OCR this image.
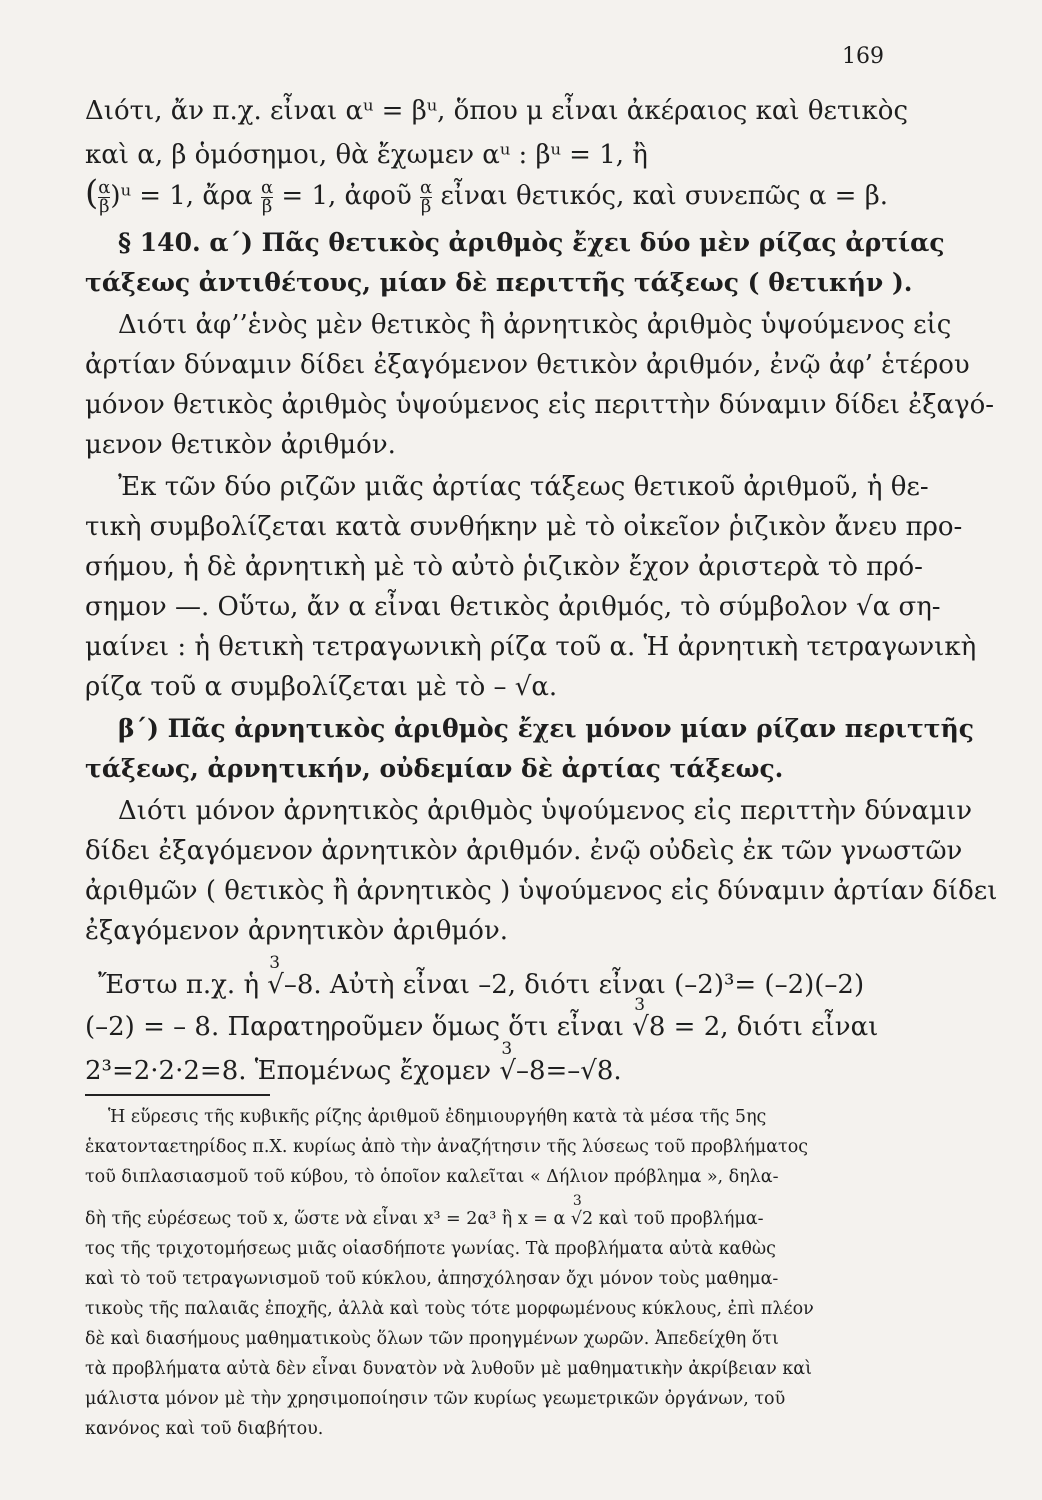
169
Διότι, ἄν π.χ. εἶναι αᵘ = βᵘ, ὅπου μ εἶναι ἀκέραιος καὶ θετικὸς
καὶ α, β ὁμόσημοι, θὰ ἔχωμεν αᵘ : βᵘ = 1, ἢ
( $\frac{\alpha}{\beta}$ )ᵘ = 1, ἄρα $\frac{\alpha}{\beta} = 1$, ἀφοῦ $\frac{\alpha}{\beta}$ εἶναι θετικός, καὶ συνεπῶς α = β.
§ 140. α΄) Πᾶς θετικὸς ἀριθμὸς ἔχει δύο μὲν ρίζας ἀρτίας
τάξεως ἀντιθέτους, μίαν δὲ περιττῆς τάξεως ( θετικήν ).
Διότι ἀφ’’ἑνὸς μὲν θετικὸς ἢ ἀρνητικὸς ἀριθμὸς ὑψούμενος εἰς
ἀρτίαν δύναμιν δίδει ἐξαγόμενον θετικὸν ἀριθμόν, ἐνῷ ἀφ’ ἑτέρου
μόνον θετικὸς ἀριθμὸς ὑψούμενος εἰς περιττὴν δύναμιν δίδει ἐξαγό-
μενον θετικὸν ἀριθμόν.
Ἐκ τῶν δύο ριζῶν μιᾶς ἀρτίας τάξεως θετικοῦ ἀριθμοῦ, ἡ θε-
τικὴ συμβολίζεται κατὰ συνθήκην μὲ τὸ οἰκεῖον ῥιζικὸν ἄνευ προ-
σήμου, ἡ δὲ ἀρνητικὴ μὲ τὸ αὐτὸ ῥιζικὸν ἔχον ἀριστερὰ τὸ πρό-
σημον —. Οὕτω, ἄν α εἶναι θετικὸς ἀριθμός, τὸ σύμβολον √α ση-
μαίνει : ἡ θετικὴ τετραγωνικὴ ρίζα τοῦ α. Ἡ ἀρνητικὴ τετραγωνικὴ
ρίζα τοῦ α συμβολίζεται μὲ τὸ – √α.
β΄) Πᾶς ἀρνητικὸς ἀριθμὸς ἔχει μόνον μίαν ρίζαν περιττῆς
τάξεως, ἀρνητικήν, οὐδεμίαν δὲ ἀρτίας τάξεως.
Διότι μόνον ἀρνητικὸς ἀριθμὸς ὑψούμενος εἰς περιττὴν δύναμιν
δίδει ἐξαγόμενον ἀρνητικὸν ἀριθμόν. ἐνῷ οὐδεὶς ἐκ τῶν γνωστῶν
ἀριθμῶν ( θετικὸς ἢ ἀρνητικὸς ) ὑψούμενος εἰς δύναμιν ἀρτίαν δίδει
ἐξαγόμενον ἀρνητικὸν ἀριθμόν.
Ἔστω π.χ. ἡ
3
√–8. Αὐτὴ εἶναι –2, διότι εἶναι (–2)³= (–2)(–2)
(–2) = – 8. Παρατηροῦμεν ὅμως ὅτι εἶναι
3
√8 = 2, διότι εἶναι
2³=2·2·2=8. Ἑπομένως ἔχομεν
3
√–8=–√8.
Ἡ εὕρεσις τῆς κυβικῆς ρίζης ἀριθμοῦ ἐδημιουργήθη κατὰ τὰ μέσα τῆς 5ης
ἑκατονταετηρίδος π.Χ. κυρίως ἀπὸ τὴν ἀναζήτησιν τῆς λύσεως τοῦ προβλήματος
τοῦ διπλασιασμοῦ τοῦ κύβου, τὸ ὁποῖον καλεῖται « Δήλιον πρόβλημα », δηλα-
δὴ τῆς εὑρέσεως τοῦ x, ὥστε νὰ εἶναι x³ = 2α³ ἢ x = α
3
√2 καὶ τοῦ προβλήμα-
τος τῆς τριχοτομήσεως μιᾶς οἱασδήποτε γωνίας. Τὰ προβλήματα αὐτὰ καθὼς
καὶ τὸ τοῦ τετραγωνισμοῦ τοῦ κύκλου, ἀπησχόλησαν ὄχι μόνον τοὺς μαθημα-
τικοὺς τῆς παλαιᾶς ἐποχῆς, ἀλλὰ καὶ τοὺς τότε μορφωμένους κύκλους, ἐπὶ πλέον
δὲ καὶ διασήμους μαθηματικοὺς ὅλων τῶν προηγμένων χωρῶν. Ἀπεδείχθη ὅτι
τὰ προβλήματα αὐτὰ δὲν εἶναι δυνατὸν νὰ λυθοῦν μὲ μαθηματικὴν ἀκρίβειαν καὶ
μάλιστα μόνον μὲ τὴν χρησιμοποίησιν τῶν κυρίως γεωμετρικῶν ὀργάνων, τοῦ
κανόνος καὶ τοῦ διαβήτου.
